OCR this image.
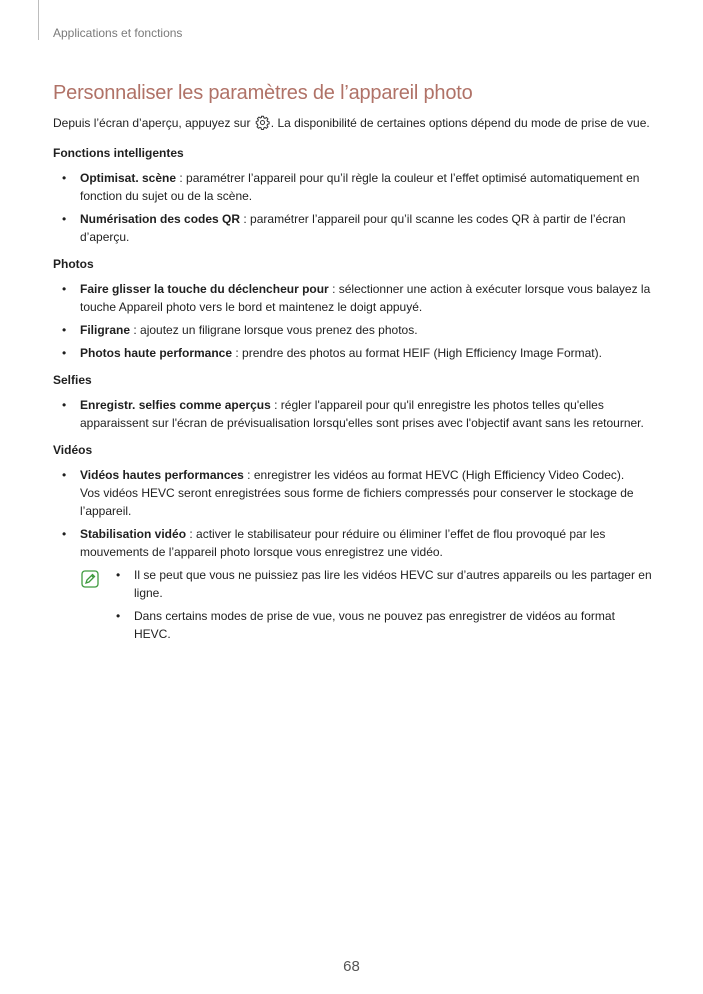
Applications et fonctions
Personnaliser les paramètres de l’appareil photo

Depuis l’écran d’aperçu, appuyez sur . La disponibilité de certaines options dépend du mode de prise de vue.

Fonctions intelligentes
• Optimisat. scène : paramétrer l’appareil pour qu’il règle la couleur et l’effet optimisé automatiquement en fonction du sujet ou de la scène.
• Numérisation des codes QR : paramétrer l’appareil pour qu’il scanne les codes QR à partir de l’écran d’aperçu.
Photos
• Faire glisser la touche du déclencheur pour : sélectionner une action à exécuter lorsque vous balayez la touche Appareil photo vers le bord et maintenez le doigt appuyé.
• Filigrane : ajoutez un filigrane lorsque vous prenez des photos.
• Photos haute performance : prendre des photos au format HEIF (High Efficiency Image Format).
Selfies
• Enregistr. selfies comme aperçus : régler l'appareil pour qu'il enregistre les photos telles qu'elles apparaissent sur l'écran de prévisualisation lorsqu'elles sont prises avec l'objectif avant sans les retourner.
Vidéos
• Vidéos hautes performances : enregistrer les vidéos au format HEVC (High Efficiency Video Codec).
Vos vidéos HEVC seront enregistrées sous forme de fichiers compressés pour conserver le stockage de l’appareil.
• Stabilisation vidéo : activer le stabilisateur pour réduire ou éliminer l’effet de flou provoqué par les mouvements de l’appareil photo lorsque vous enregistrez une vidéo.
• Il se peut que vous ne puissiez pas lire les vidéos HEVC sur d’autres appareils ou les partager en ligne.
• Dans certains modes de prise de vue, vous ne pouvez pas enregistrer de vidéos au format HEVC.
68
